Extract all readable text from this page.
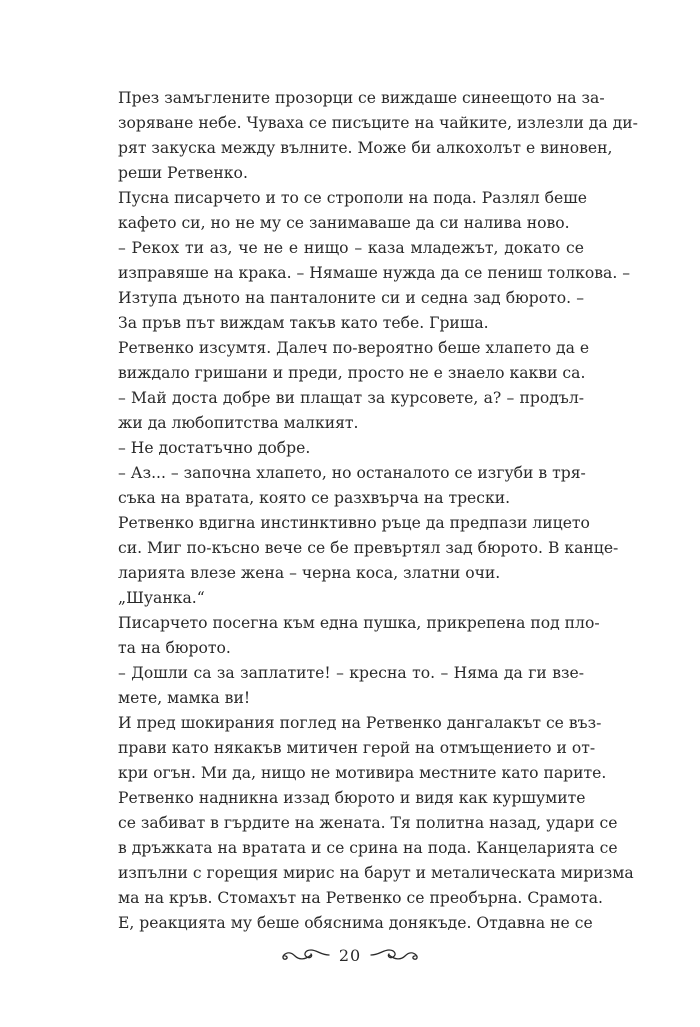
През замъглените прозорци се виждаше синеещото на за-
зоряване небе. Чуваха се писъците на чайките, излезли да ди-
рят закуска между вълните. Може би алкохолът е виновен,
реши Ретвенко.
Пусна писарчето и то се строполи на пода. Разлял беше
кафето си, но не му се занимаваше да си налива ново.
– Рекох ти аз, че не е нищо – каза младежът, докато се
изправяше на крака. – Нямаше нужда да се пениш толкова. –
Изтупа дъното на панталоните си и седна зад бюрото. –
За пръв път виждам такъв като тебе. Гриша.
Ретвенко изсумтя. Далеч по-вероятно беше хлапето да е
виждало гришани и преди, просто не е знаело какви са.
– Май доста добре ви плащат за курсовете, а? – продъл-
жи да любопитства малкият.
– Не достатъчно добре.
– Аз... – започна хлапето, но останалото се изгуби в тря-
съка на вратата, която се разхвърча на трески.
Ретвенко вдигна инстинктивно ръце да предпази лицето
си. Миг по-късно вече се бе превъртял зад бюрото. В канце-
ларията влезе жена – черна коса, златни очи.
„Шуанка.“
Писарчето посегна към една пушка, прикрепена под пло-
та на бюрото.
– Дошли са за заплатите! – кресна то. – Няма да ги взе-
мете, мамка ви!
И пред шокирания поглед на Ретвенко дангалакът се въз-
прави като някакъв митичен герой на отмъщението и от-
кри огън. Ми да, нищо не мотивира местните като парите.
Ретвенко надникна иззад бюрото и видя как куршумите
се забиват в гърдите на жената. Тя политна назад, удари се
в дръжката на вратата и се срина на пода. Канцеларията се
изпълни с горещия мирис на барут и металическата миризма
ма на кръв. Стомахът на Ретвенко се преобърна. Срамота.
Е, реакцията му беше обяснима донякъде. Отдавна не се
20
